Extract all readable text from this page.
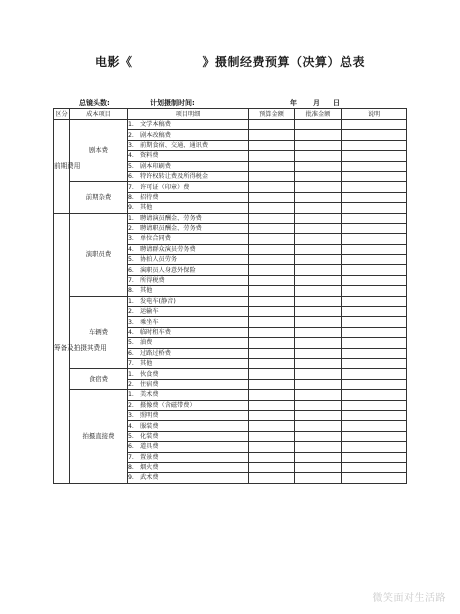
电影《	》摄制经费预算（决算）总表
总镜头数:	计划摄制时间:	年 月 日
区分	成本项目	项目明细	预算金额	批准金额	说明
前期费用	剧本费	1. 文学本稿费			
		2. 剧本改稿费			
		3. 前期食宿、交通、通讯费			
		4. 资料费			
		5. 剧本印刷费			
		6. 特许权转让费及所得税金			
	前期杂费	7. 许可证（印章）费			
		8. 招待费			
		9. 其他			
筹备及拍摄其费用	演职员费	1. 聘请演员酬金、劳务费			
		2. 聘请职员酬金、劳务费			
		3. 单位合同费			
		4. 聘请群众演员劳务费			
		5. 协拍人员劳务			
		6. 演职员人身意外保险			
		7. 所得税费			
		8. 其他			
	车辆费	1. 发电车(静音)			
		2. 运输车			
		3. 乘坐车			
		4. 临时租车费			
		5. 油费			
		6. 过路过桥费			
		7. 其他			
	食宿费	1. 伙食费			
		2. 住宿费			
	拍摄直接费	1. 美术费			
		2. 摄像费（含磁带费）			
		3. 照明费			
		4. 服装费			
		5. 化装费			
		6. 道具费			
		7. 置景费			
		8. 烟火费			
		9. 武术费			
微笑面对生活路
